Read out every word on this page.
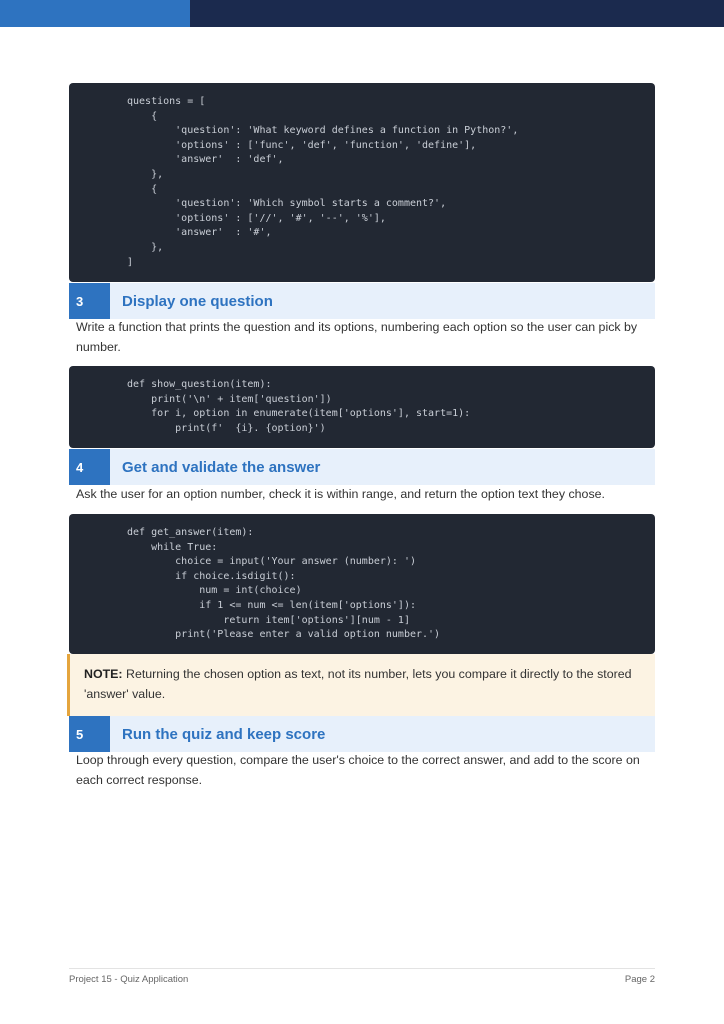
questions = [
{
'question': 'What keyword defines a function in Python?',
'options' : ['func', 'def', 'function', 'define'],
'answer'  : 'def',
},
{
'question': 'Which symbol starts a comment?',
'options' : ['//', '#', '--', '%'],
'answer'  : '#',
},
]
3	Display one question
Write a function that prints the question and its options, numbering each option so the user can pick by number.
def show_question(item):
print('\n' + item['question'])
for i, option in enumerate(item['options'], start=1):
print(f'  {i}. {option}')
4	Get and validate the answer
Ask the user for an option number, check it is within range, and return the option text they chose.
def get_answer(item):
while True:
choice = input('Your answer (number): ')
if choice.isdigit():
num = int(choice)
if 1 <= num <= len(item['options']):
return item['options'][num - 1]
print('Please enter a valid option number.')
NOTE: Returning the chosen option as text, not its number, lets you compare it directly to the stored 'answer' value.
5	Run the quiz and keep score
Loop through every question, compare the user's choice to the correct answer, and add to the score on each correct response.
Project 15 - Quiz Application	Page 2
